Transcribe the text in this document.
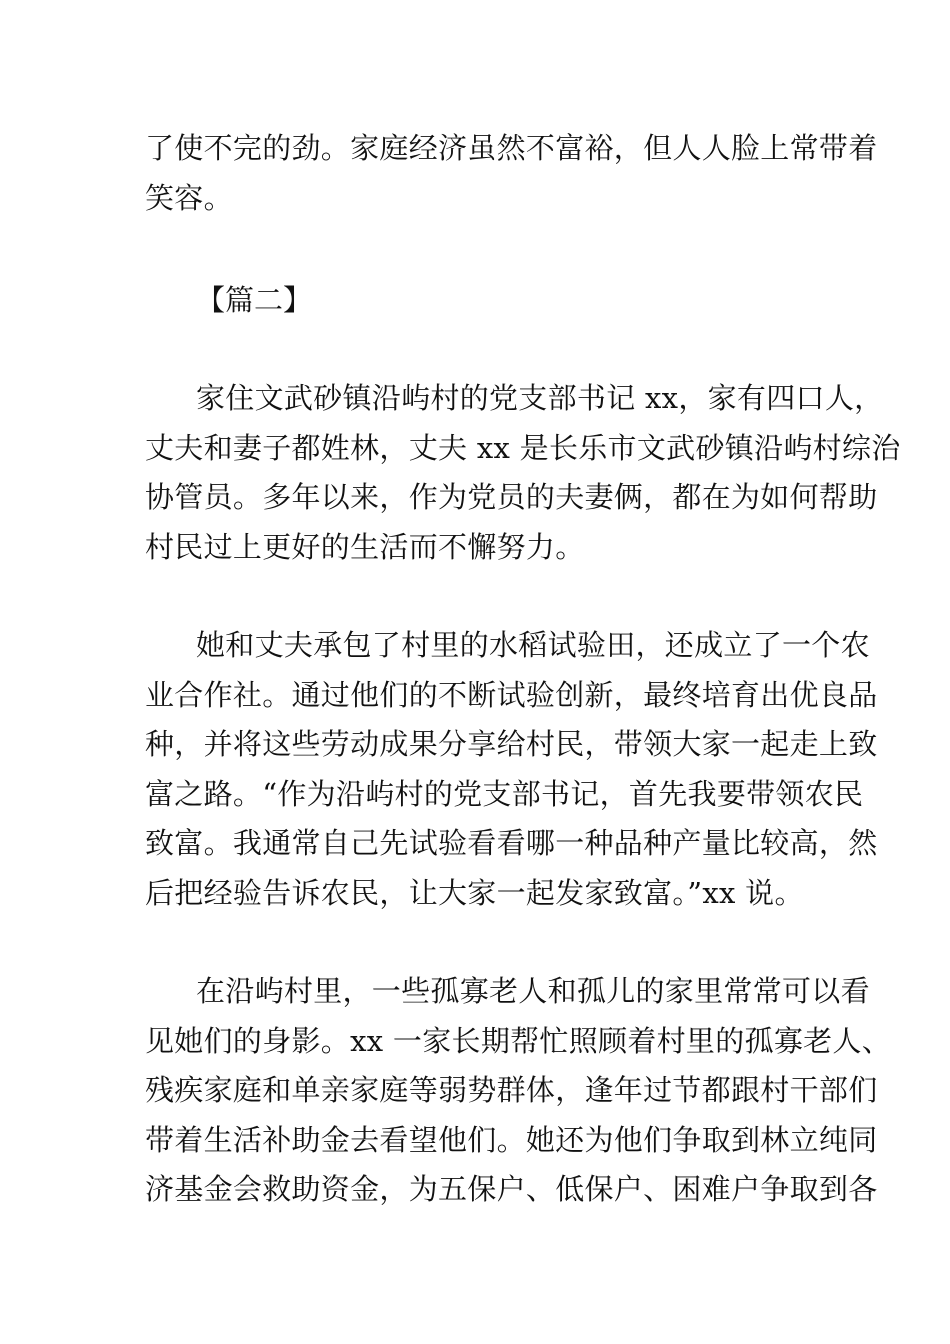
了使不完的劲。家庭经济虽然不富裕，但人人脸上常带着
笑容。
【篇二】
家住文武砂镇沿屿村的党支部书记 xx，家有四口人，
丈夫和妻子都姓林，丈夫 xx 是长乐市文武砂镇沿屿村综治
协管员。多年以来，作为党员的夫妻俩，都在为如何帮助
村民过上更好的生活而不懈努力。
她和丈夫承包了村里的水稻试验田，还成立了一个农
业合作社。通过他们的不断试验创新，最终培育出优良品
种，并将这些劳动成果分享给村民，带领大家一起走上致
富之路。“作为沿屿村的党支部书记，首先我要带领农民
致富。我通常自己先试验看看哪一种品种产量比较高，然
后把经验告诉农民，让大家一起发家致富。”xx 说。
在沿屿村里，一些孤寡老人和孤儿的家里常常可以看
见她们的身影。xx 一家长期帮忙照顾着村里的孤寡老人、
残疾家庭和单亲家庭等弱势群体，逢年过节都跟村干部们
带着生活补助金去看望他们。她还为他们争取到林立纯同
济基金会救助资金，为五保户、低保户、困难户争取到各
